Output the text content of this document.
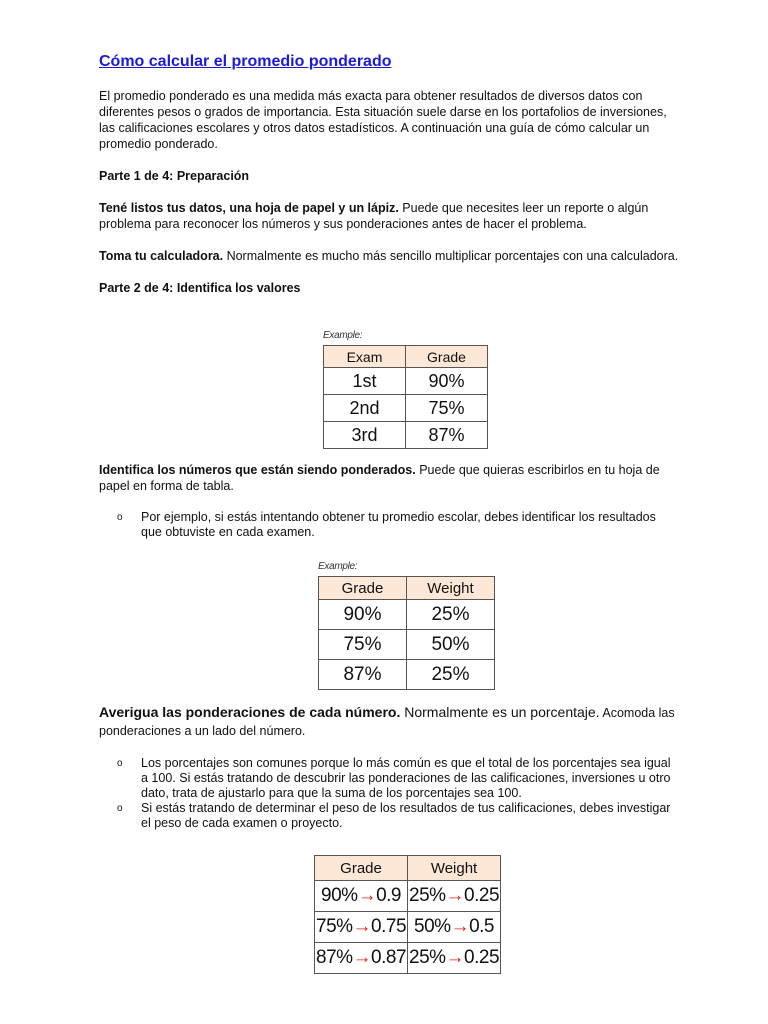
Cómo calcular el promedio ponderado

El promedio ponderado es una medida más exacta para obtener resultados de diversos datos con diferentes pesos o grados de importancia. Esta situación suele darse en los portafolios de inversiones, las calificaciones escolares y otros datos estadísticos. A continuación una guía de cómo calcular un promedio ponderado.

Parte 1 de 4: Preparación

Tené listos tus datos, una hoja de papel y un lápiz. Puede que necesites leer un reporte o algún problema para reconocer los números y sus ponderaciones antes de hacer el problema.

Toma tu calculadora. Normalmente es mucho más sencillo multiplicar porcentajes con una calculadora.

Parte 2 de 4: Identifica los valores

Example:
Exam	Grade
1st	90%
2nd	75%
3rd	87%

Identifica los números que están siendo ponderados. Puede que quieras escribirlos en tu hoja de papel en forma de tabla.

o Por ejemplo, si estás intentando obtener tu promedio escolar, debes identificar los resultados que obtuviste en cada examen.
Example:
Grade	Weight
90%	25%
75%	50%
87%	25%

Averigua las ponderaciones de cada número. Normalmente es un porcentaje. Acomoda las ponderaciones a un lado del número.

o Los porcentajes son comunes porque lo más común es que el total de los porcentajes sea igual a 100. Si estás tratando de descubrir las ponderaciones de las calificaciones, inversiones u otro dato, trata de ajustarlo para que la suma de los porcentajes sea 100.
o Si estás tratando de determinar el peso de los resultados de tus calificaciones, debes investigar el peso de cada examen o proyecto.
Grade	Weight
90%→0.9	25%→0.25
75%→0.75	50%→0.5
87%→0.87	25%→0.25
